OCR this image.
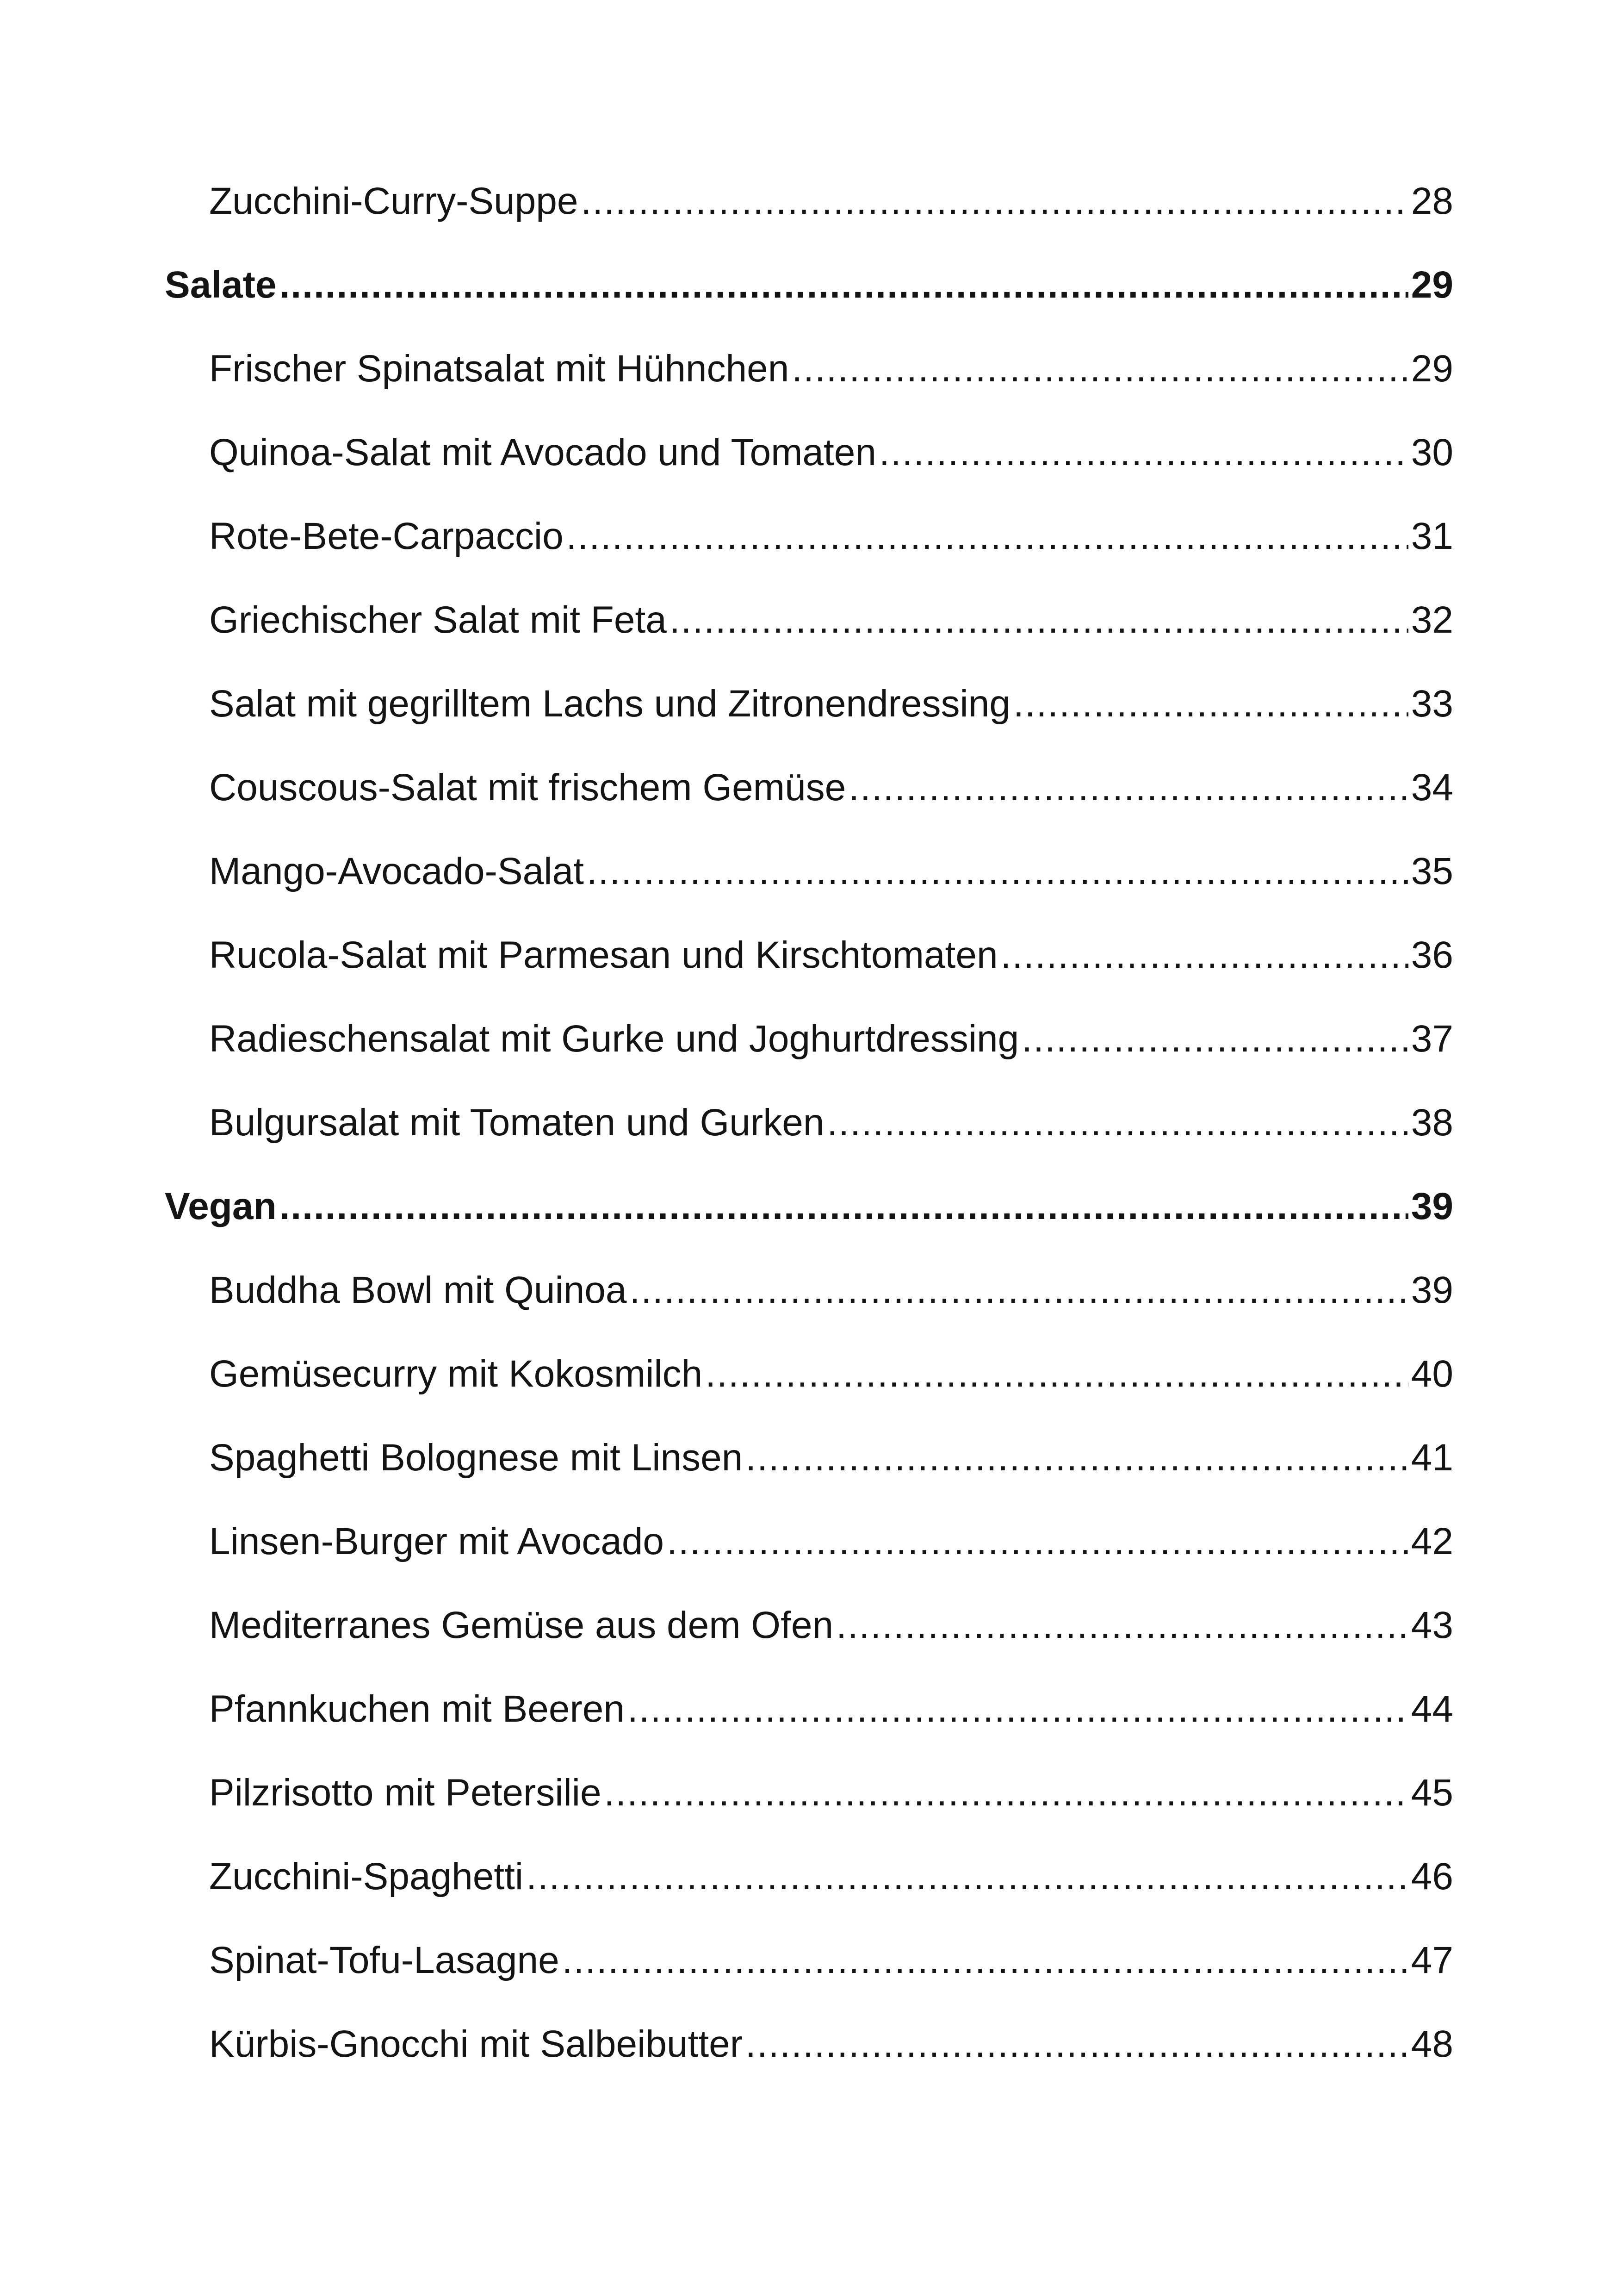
Zucchini-Curry-Suppe .....	28
Salate .....	29
Frischer Spinatsalat mit Hühnchen .....	29
Quinoa-Salat mit Avocado und Tomaten .....	30
Rote-Bete-Carpaccio .....	31
Griechischer Salat mit Feta .....	32
Salat mit gegrilltem Lachs und Zitronendressing .....	33
Couscous-Salat mit frischem Gemüse .....	34
Mango-Avocado-Salat .....	35
Rucola-Salat mit Parmesan und Kirschtomaten .....	36
Radieschensalat mit Gurke und Joghurtdressing .....	37
Bulgursalat mit Tomaten und Gurken .....	38
Vegan .....	39
Buddha Bowl mit Quinoa .....	39
Gemüsecurry mit Kokosmilch .....	40
Spaghetti Bolognese mit Linsen .....	41
Linsen-Burger mit Avocado .....	42
Mediterranes Gemüse aus dem Ofen .....	43
Pfannkuchen mit Beeren .....	44
Pilzrisotto mit Petersilie .....	45
Zucchini-Spaghetti .....	46
Spinat-Tofu-Lasagne .....	47
Kürbis-Gnocchi mit Salbeibutter .....	48
